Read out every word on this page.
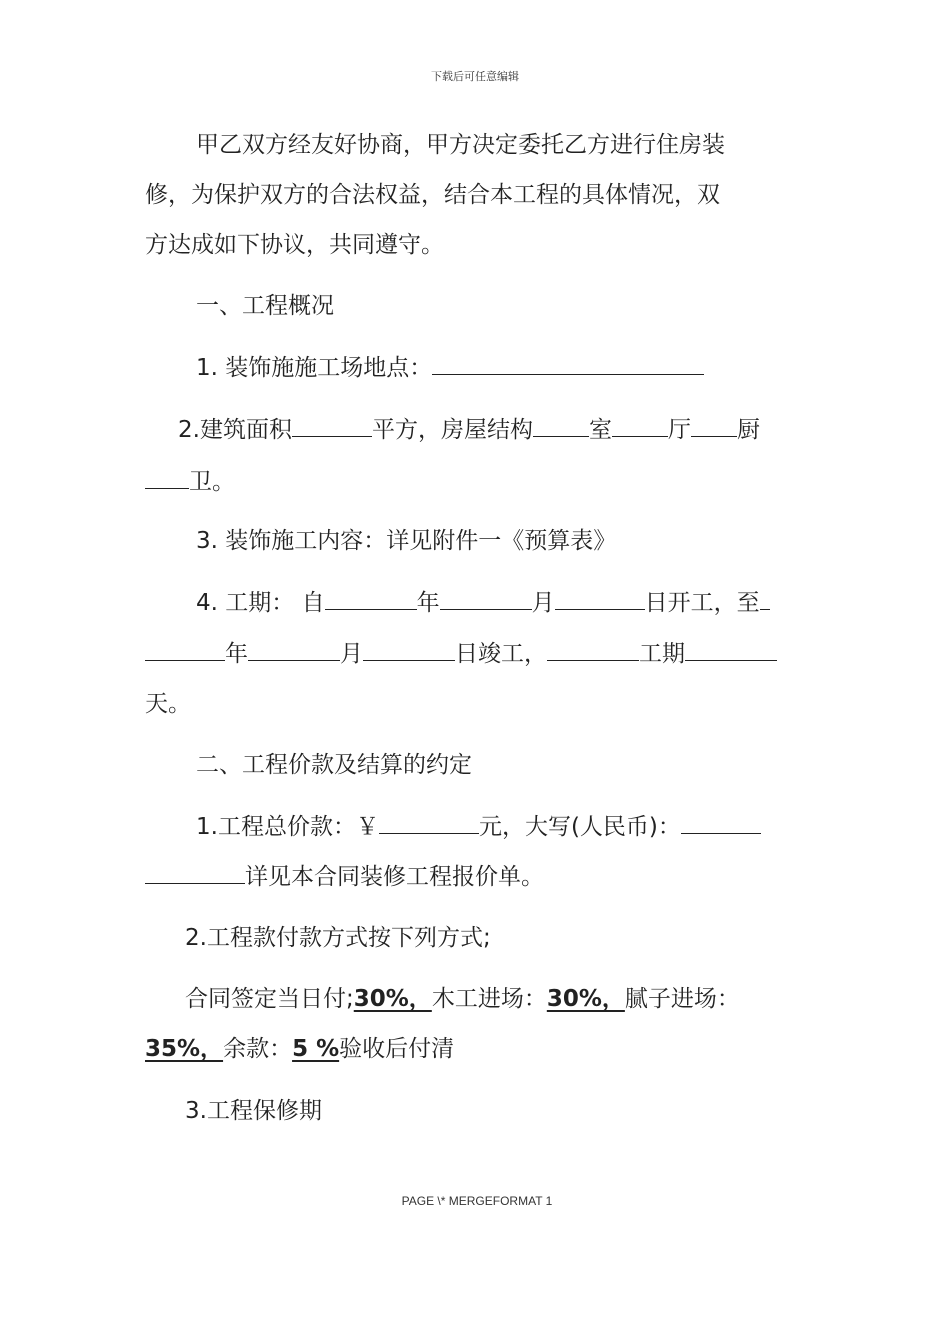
下载后可任意编辑
甲乙双方经友好协商，甲方决定委托乙方进行住房装
修，为保护双方的合法权益，结合本工程的具体情况，双
方达成如下协议，共同遵守。
一、工程概况
1. 装饰施施工场地点：
2.建筑面积	平方，房屋结构 室 厅 厨
卫。
3. 装饰施工内容：详见附件一《预算表》
4. 工期： 自	年	月	日开工，至
年	月	日竣工，	工期
天。
二、工程价款及结算的约定
1.工程总价款：￥	元，大写(人民币)：
详见本合同装修工程报价单。
2.工程款付款方式按下列方式;
合同签定当日付;30%，木工进场：30%，腻子进场：
35%，余款：5 %验收后付清
3.工程保修期
PAGE \* MERGEFORMAT 1
